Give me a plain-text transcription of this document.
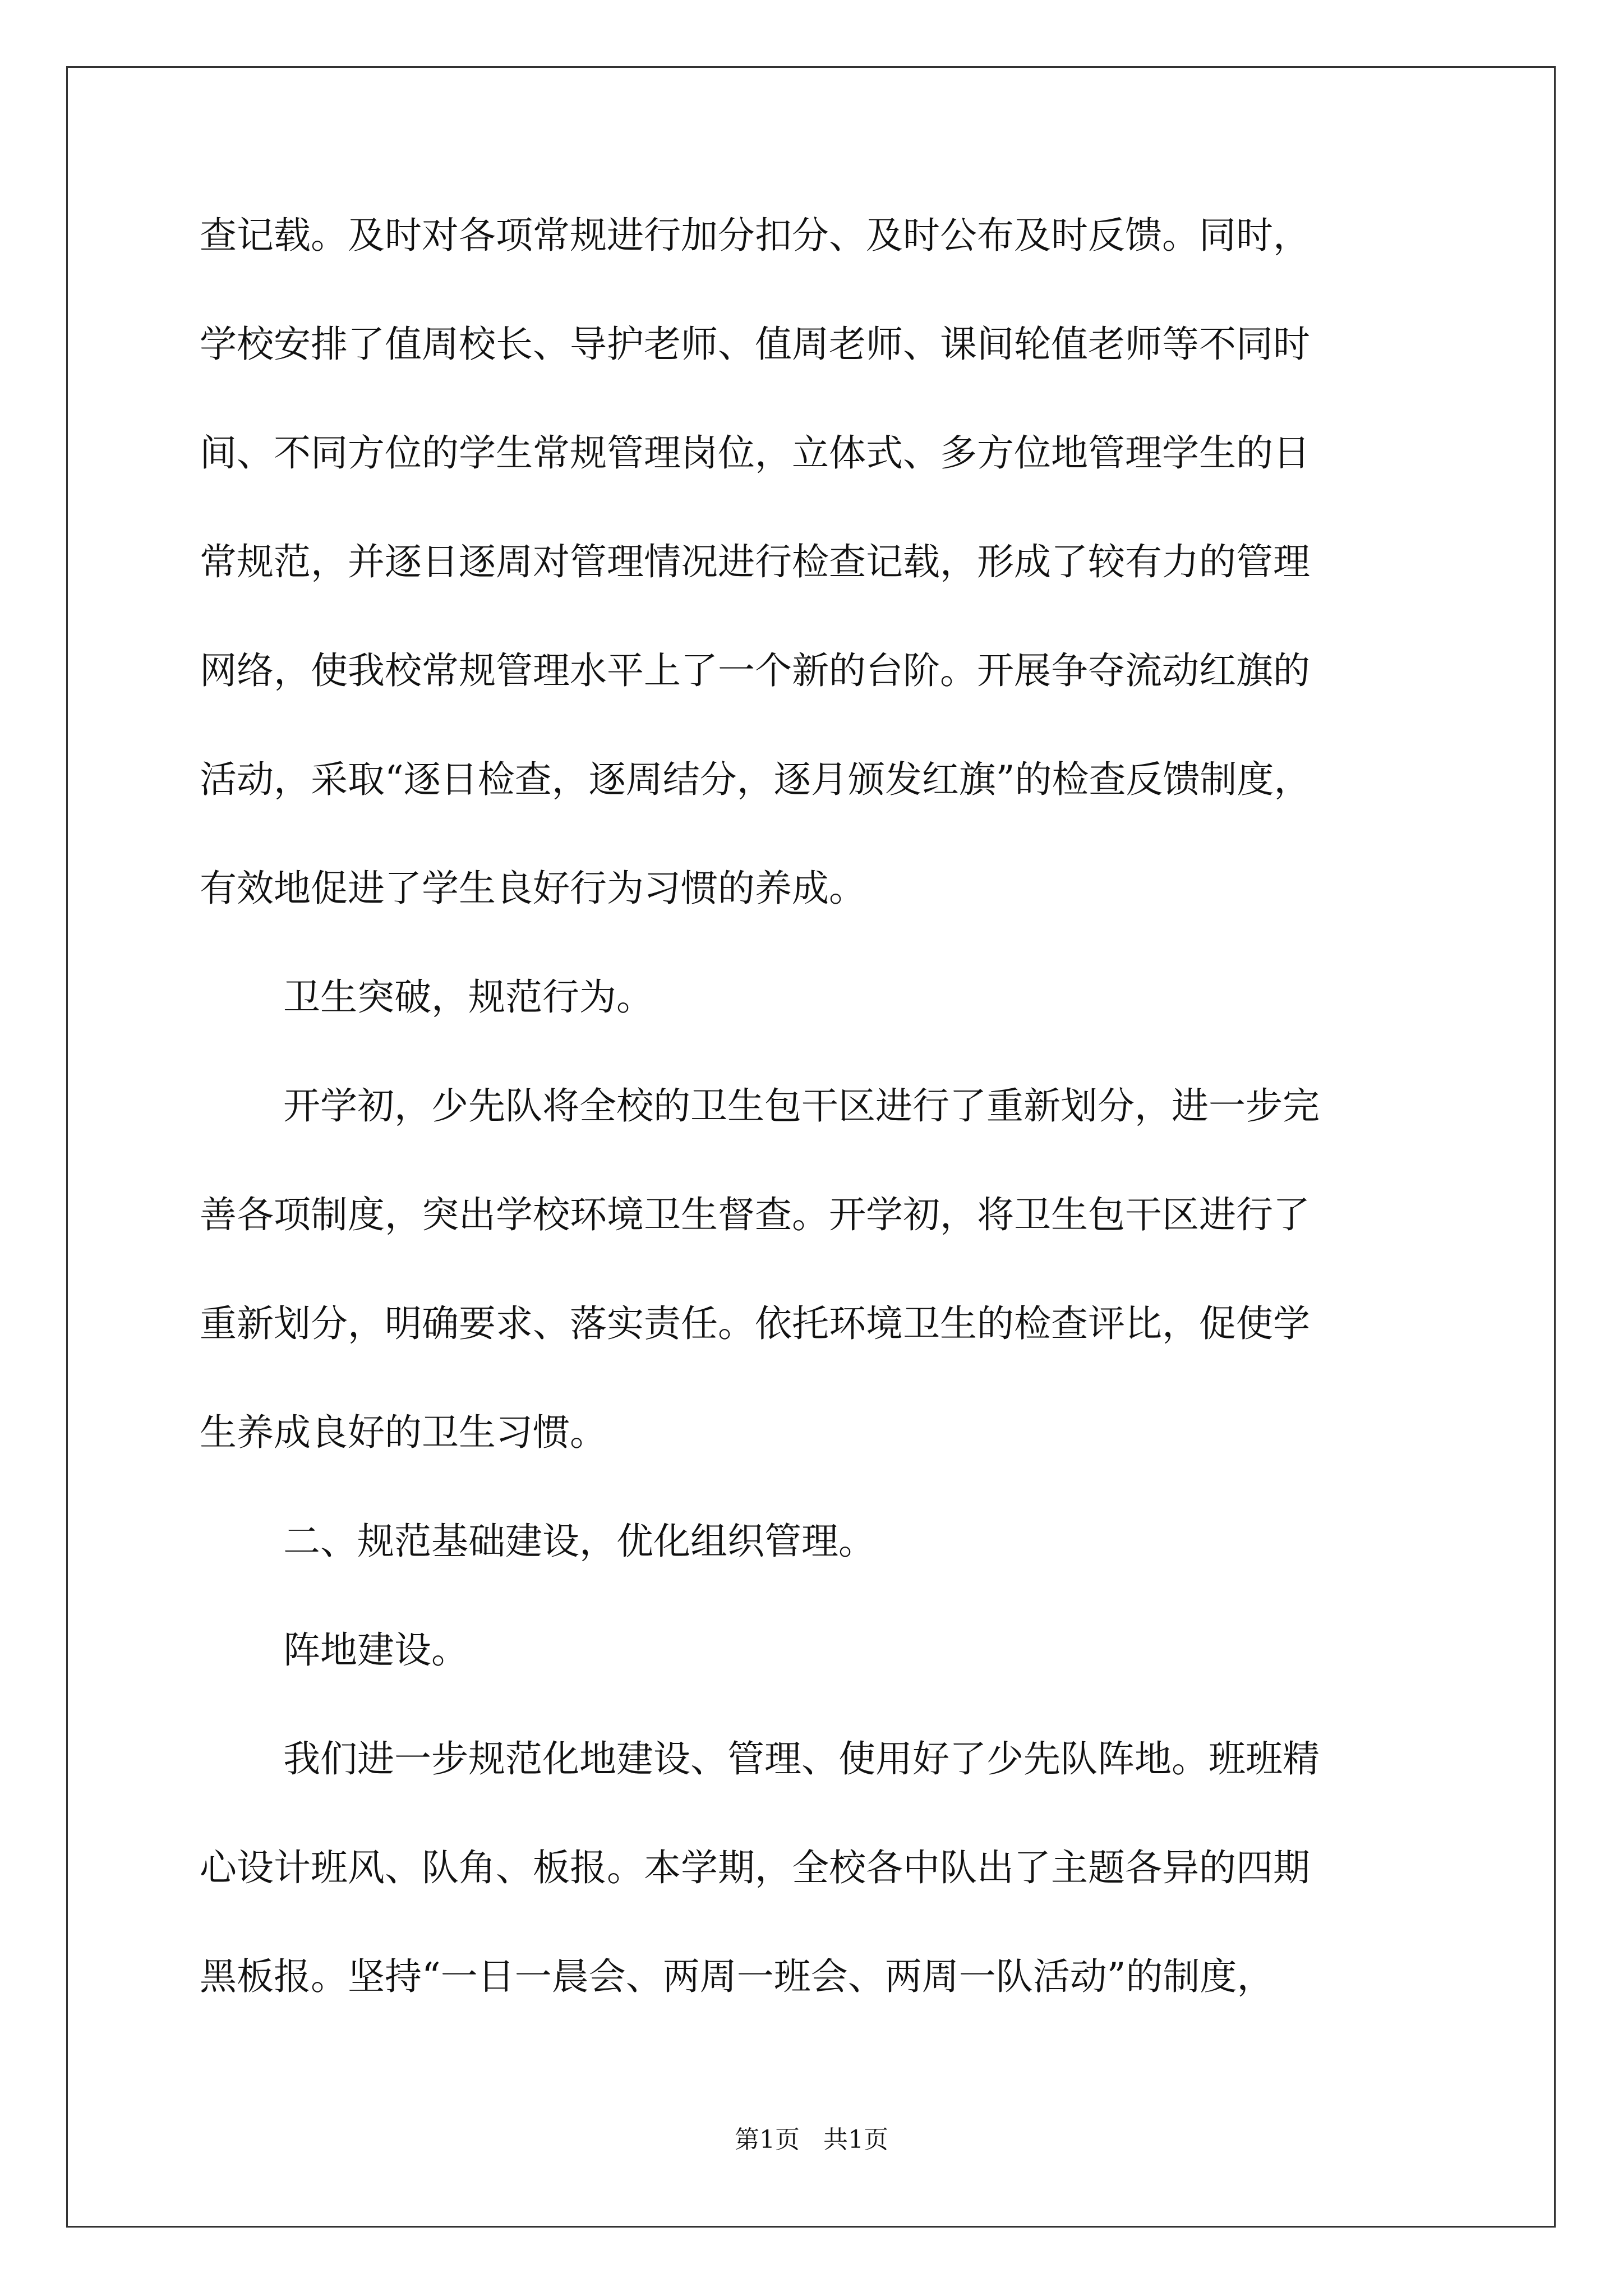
查记载。及时对各项常规进行加分扣分、及时公布及时反馈。同时，

学校安排了值周校长、导护老师、值周老师、课间轮值老师等不同时

间、不同方位的学生常规管理岗位，立体式、多方位地管理学生的日

常规范，并逐日逐周对管理情况进行检查记载，形成了较有力的管理

网络，使我校常规管理水平上了一个新的台阶。开展争夺流动红旗的

活动，采取“逐日检查，逐周结分，逐月颁发红旗”的检查反馈制度，

有效地促进了学生良好行为习惯的养成。

卫生突破，规范行为。

开学初，少先队将全校的卫生包干区进行了重新划分，进一步完

善各项制度，突出学校环境卫生督查。开学初，将卫生包干区进行了

重新划分，明确要求、落实责任。依托环境卫生的检查评比，促使学

生养成良好的卫生习惯。

二、规范基础建设，优化组织管理。

阵地建设。

我们进一步规范化地建设、管理、使用好了少先队阵地。班班精

心设计班风、队角、板报。本学期，全校各中队出了主题各异的四期

黑板报。坚持“一日一晨会、两周一班会、两周一队活动”的制度，

第1页   共1页
